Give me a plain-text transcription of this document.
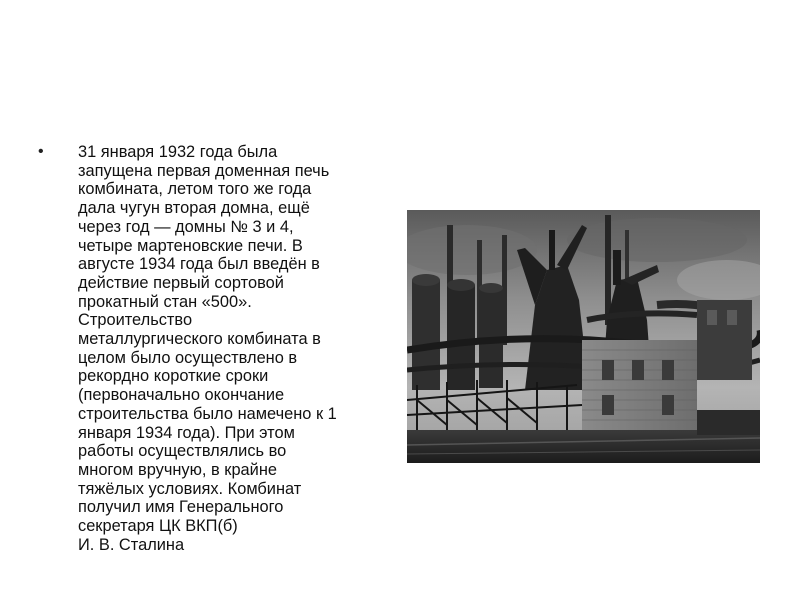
• 31 января 1932 года была
запущена первая доменная печь
комбината, летом того же года
дала чугун вторая домна, ещё
через год — домны № 3 и 4,
четыре мартеновские печи. В
августе 1934 года был введён в
действие первый сортовой
прокатный стан «500».
Строительство
металлургического комбината в
целом было осуществлено в
рекордно короткие сроки
(первоначально окончание
строительства было намечено к 1
января 1934 года). При этом
работы осуществлялись во
многом вручную, в крайне
тяжёлых условиях. Комбинат
получил имя Генерального
секретаря ЦК ВКП(б)
И. В. Сталина
